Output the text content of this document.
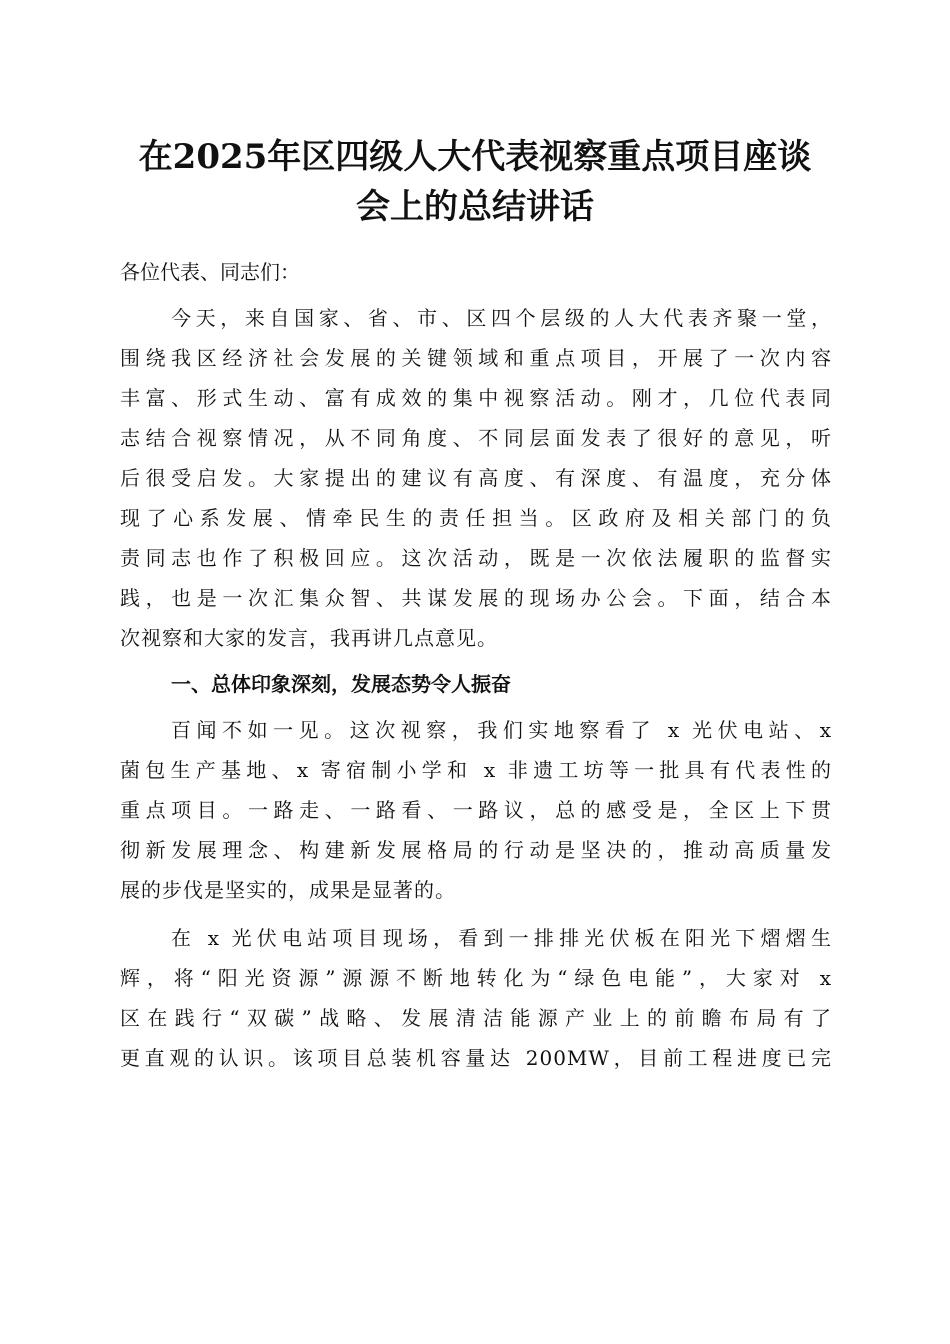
在2025年区四级人大代表视察重点项目座谈
会上的总结讲话
各位代表、同志们：
今天，来自国家、省、市、区四个层级的人大代表齐聚一堂，
围绕我区经济社会发展的关键领域和重点项目，开展了一次内容
丰富、形式生动、富有成效的集中视察活动。刚才，几位代表同
志结合视察情况，从不同角度、不同层面发表了很好的意见，听
后很受启发。大家提出的建议有高度、有深度、有温度，充分体
现了心系发展、情牵民生的责任担当。区政府及相关部门的负
责同志也作了积极回应。这次活动，既是一次依法履职的监督实
践，也是一次汇集众智、共谋发展的现场办公会。下面，结合本
次视察和大家的发言，我再讲几点意见。
一、总体印象深刻，发展态势令人振奋
百闻不如一见。这次视察，我们实地察看了 x 光伏电站、x
菌包生产基地、x 寄宿制小学和 x 非遗工坊等一批具有代表性的
重点项目。一路走、一路看、一路议，总的感受是，全区上下贯
彻新发展理念、构建新发展格局的行动是坚决的，推动高质量发
展的步伐是坚实的，成果是显著的。
在 x 光伏电站项目现场，看到一排排光伏板在阳光下熠熠生
辉，将“阳光资源”源源不断地转化为“绿色电能”，大家对 x
区在践行“双碳”战略、发展清洁能源产业上的前瞻布局有了
更直观的认识。该项目总装机容量达 200MW，目前工程进度已完
